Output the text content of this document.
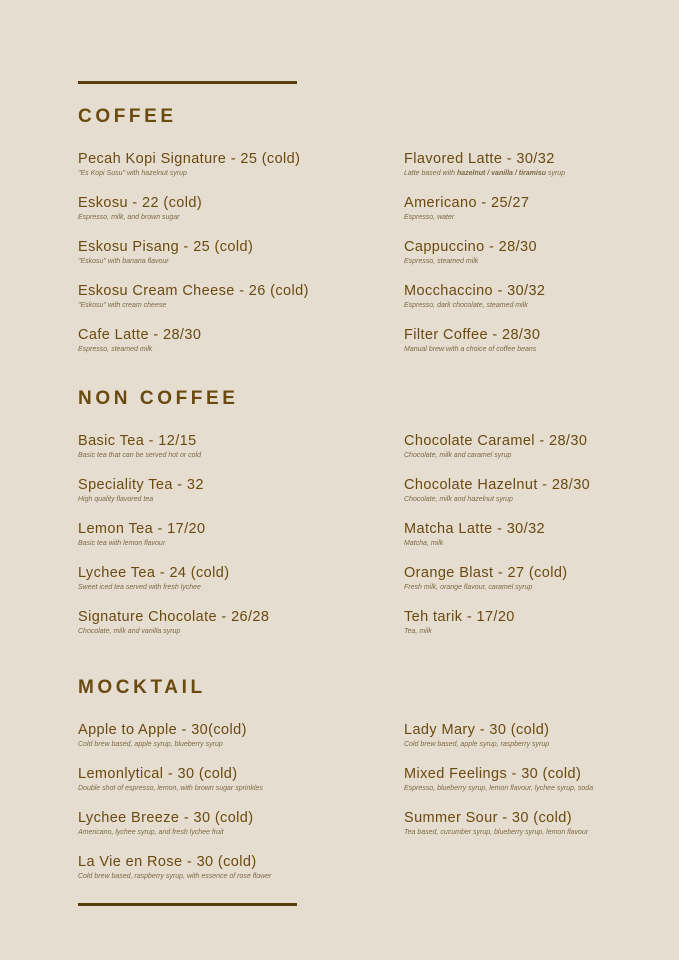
COFFEE
Pecah Kopi Signature - 25 (cold)
"Es Kopi Susu" with hazelnut syrup
Eskosu - 22 (cold)
Espresso, milk, and brown sugar
Eskosu Pisang - 25 (cold)
"Eskosu" with banana flavour
Eskosu Cream Cheese - 26 (cold)
"Eskosu" with cream cheese
Cafe Latte - 28/30
Espresso, steamed milk
Flavored Latte - 30/32
Latte based with hazelnut / vanilla / tiramisu syrup
Americano - 25/27
Espresso, water
Cappuccino - 28/30
Espresso, steamed milk
Mocchaccino - 30/32
Espresso, dark chocolate, steamed milk
Filter Coffee - 28/30
Manual brew with a choice of coffee beans
NON COFFEE
Basic Tea - 12/15
Basic tea that can be served hot or cold
Speciality Tea - 32
High quality flavored tea
Lemon Tea - 17/20
Basic tea with lemon flavour
Lychee Tea - 24 (cold)
Sweet iced tea served with fresh lychee
Signature Chocolate - 26/28
Chocolate, milk and vanilla syrup
Chocolate Caramel - 28/30
Chocolate, milk and caramel syrup
Chocolate Hazelnut - 28/30
Chocolate, milk and hazelnut syrup
Matcha Latte - 30/32
Matcha, milk
Orange Blast - 27 (cold)
Fresh milk, orange flavour, caramel syrup
Teh tarik - 17/20
Tea, milk
MOCKTAIL
Apple to Apple - 30(cold)
Cold brew based, apple syrup, blueberry syrup
Lemonlytical - 30 (cold)
Double shot of espresso, lemon, with brown sugar sprinkles
Lychee Breeze - 30 (cold)
Americano, lychee syrup, and fresh lychee fruit
La Vie en Rose - 30 (cold)
Cold brew based, raspberry syrup, with essence of rose flower
Lady Mary - 30 (cold)
Cold brew based, apple syrup, raspberry syrup
Mixed Feelings - 30 (cold)
Espresso, blueberry syrup, lemon flavour, lychee syrup, soda
Summer Sour - 30 (cold)
Tea based, cucumber syrup, blueberry syrup, lemon flavour
